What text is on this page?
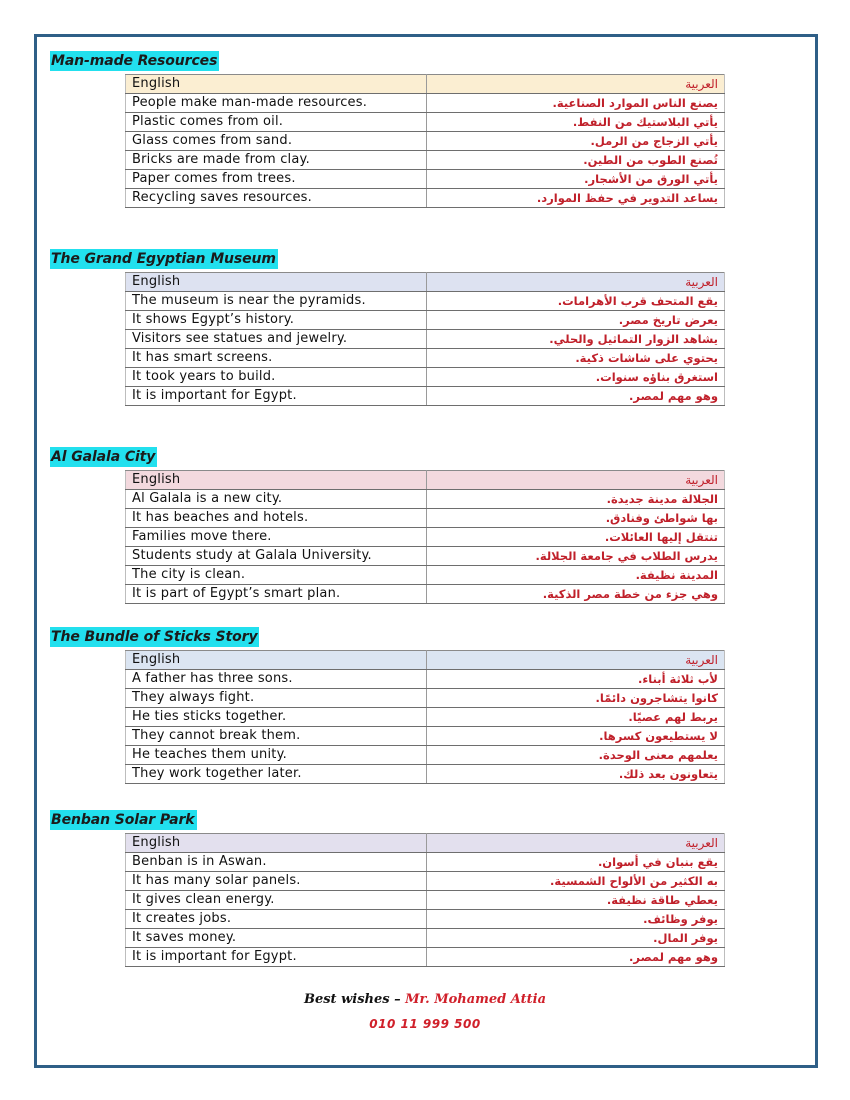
Man-made Resources
English	العربية
People make man-made resources.	يصنع الناس الموارد الصناعية.
Plastic comes from oil.	يأتي البلاستيك من النفط.
Glass comes from sand.	يأتي الزجاج من الرمل.
Bricks are made from clay.	تُصنع الطوب من الطين.
Paper comes from trees.	يأتي الورق من الأشجار.
Recycling saves resources.	يساعد التدوير في حفظ الموارد.
The Grand Egyptian Museum
English	العربية
The museum is near the pyramids.	يقع المتحف قرب الأهرامات.
It shows Egypt’s history.	يعرض تاريخ مصر.
Visitors see statues and jewelry.	يشاهد الزوار التماثيل والحلي.
It has smart screens.	يحتوي على شاشات ذكية.
It took years to build.	استغرق بناؤه سنوات.
It is important for Egypt.	وهو مهم لمصر.
Al Galala City
English	العربية
Al Galala is a new city.	الجلالة مدينة جديدة.
It has beaches and hotels.	بها شواطئ وفنادق.
Families move there.	تنتقل إليها العائلات.
Students study at Galala University.	يدرس الطلاب في جامعة الجلالة.
The city is clean.	المدينة نظيفة.
It is part of Egypt’s smart plan.	وهي جزء من خطة مصر الذكية.
The Bundle of Sticks Story
English	العربية
A father has three sons.	لأب ثلاثة أبناء.
They always fight.	كانوا يتشاجرون دائمًا.
He ties sticks together.	يربط لهم عصيًا.
They cannot break them.	لا يستطيعون كسرها.
He teaches them unity.	يعلمهم معنى الوحدة.
They work together later.	يتعاونون بعد ذلك.
Benban Solar Park
English	العربية
Benban is in Aswan.	يقع بنبان في أسوان.
It has many solar panels.	به الكثير من الألواح الشمسية.
It gives clean energy.	يعطي طاقة نظيفة.
It creates jobs.	يوفر وظائف.
It saves money.	يوفر المال.
It is important for Egypt.	وهو مهم لمصر.
Best wishes – Mr. Mohamed Attia
010 11 999 500
